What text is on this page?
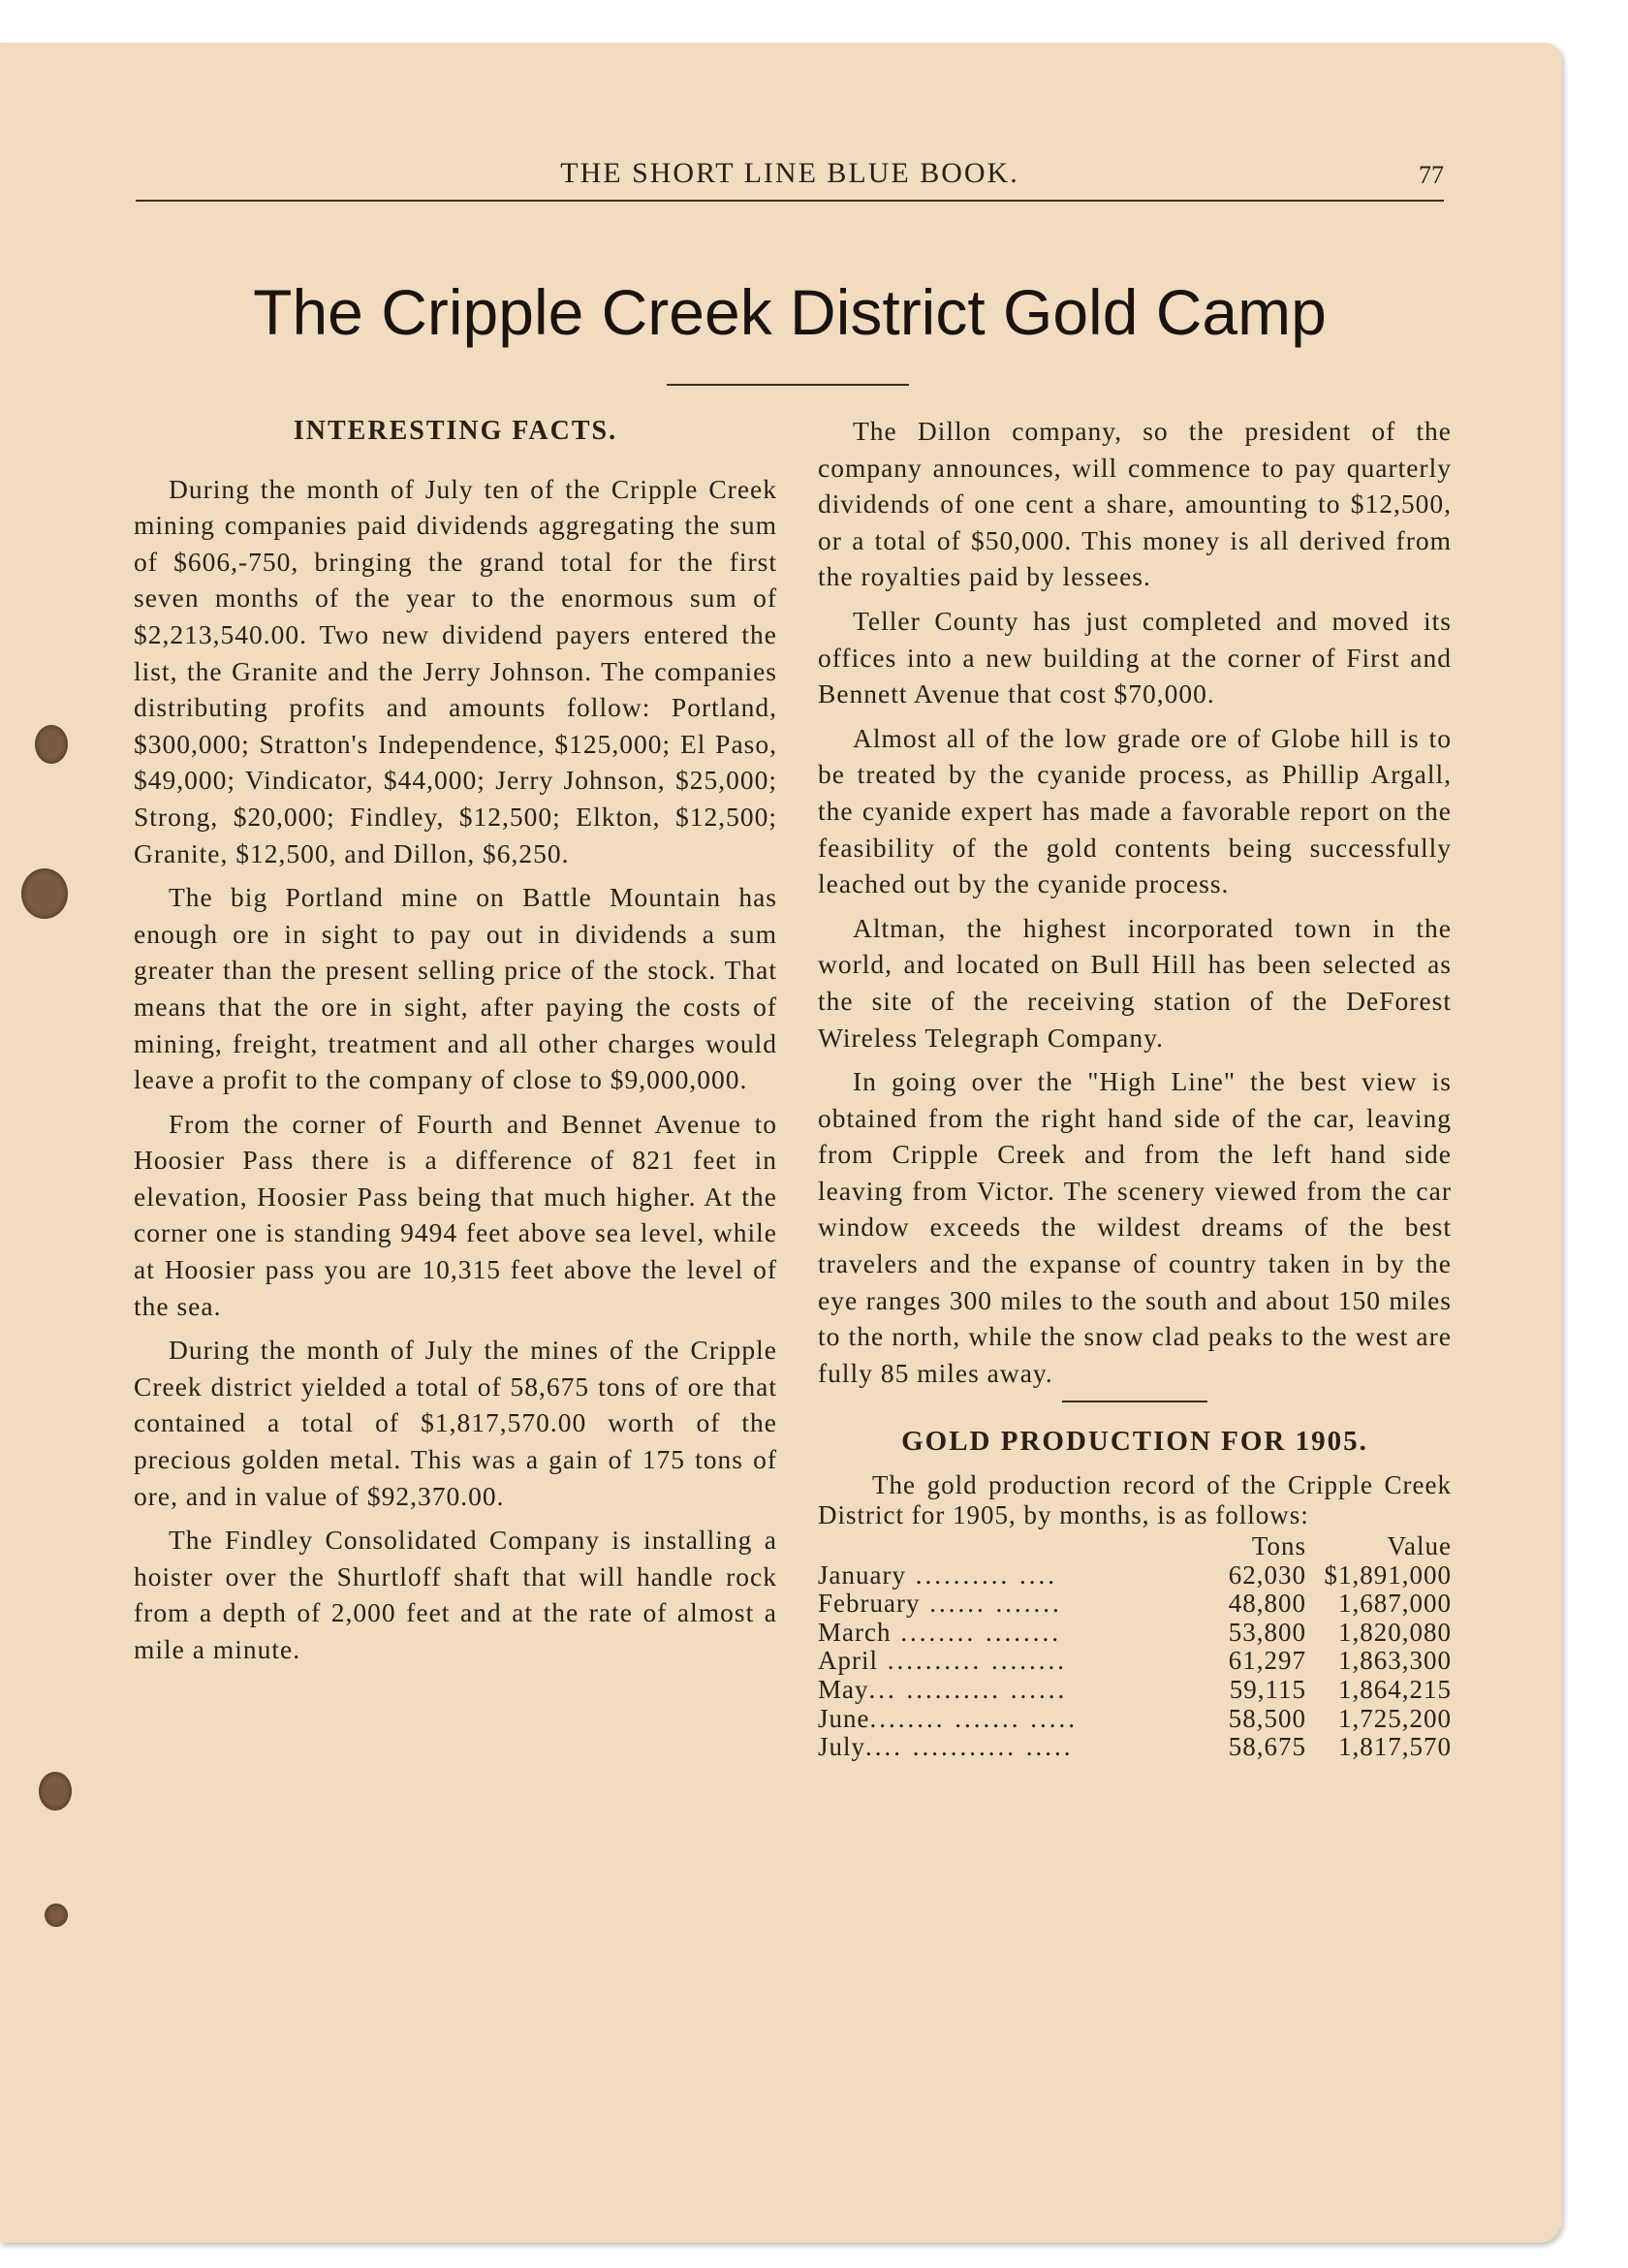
THE SHORT LINE BLUE BOOK.	77
The Cripple Creek District Gold Camp
INTERESTING FACTS.

During the month of July ten of the Cripple Creek mining companies paid dividends aggregating the sum of $606,-750, bringing the grand total for the first seven months of the year to the enormous sum of $2,213,540.00. Two new dividend payers entered the list, the Granite and the Jerry Johnson. The companies distributing profits and amounts follow: Portland, $300,000; Stratton's Independence, $125,000; El Paso, $49,000; Vindicator, $44,000; Jerry Johnson, $25,000; Strong, $20,000; Findley, $12,500; Elkton, $12,500; Granite, $12,500, and Dillon, $6,250.

The big Portland mine on Battle Mountain has enough ore in sight to pay out in dividends a sum greater than the present selling price of the stock. That means that the ore in sight, after paying the costs of mining, freight, treatment and all other charges would leave a profit to the company of close to $9,000,000.

From the corner of Fourth and Bennet Avenue to Hoosier Pass there is a difference of 821 feet in elevation, Hoosier Pass being that much higher. At the corner one is standing 9494 feet above sea level, while at Hoosier pass you are 10,315 feet above the level of the sea.

During the month of July the mines of the Cripple Creek district yielded a total of 58,675 tons of ore that contained a total of $1,817,570.00 worth of the precious golden metal. This was a gain of 175 tons of ore, and in value of $92,370.00.

The Findley Consolidated Company is installing a hoister over the Shurtloff shaft that will handle rock from a depth of 2,000 feet and at the rate of almost a mile a minute.

The Dillon company, so the president of the company announces, will commence to pay quarterly dividends of one cent a share, amounting to $12,500, or a total of $50,000. This money is all derived from the royalties paid by lessees.

Teller County has just completed and moved its offices into a new building at the corner of First and Bennett Avenue that cost $70,000.

Almost all of the low grade ore of Globe hill is to be treated by the cyanide process, as Phillip Argall, the cyanide expert has made a favorable report on the feasibility of the gold contents being successfully leached out by the cyanide process.

Altman, the highest incorporated town in the world, and located on Bull Hill has been selected as the site of the receiving station of the DeForest Wireless Telegraph Company.

In going over the "High Line" the best view is obtained from the right hand side of the car, leaving from Cripple Creek and from the left hand side leaving from Victor. The scenery viewed from the car window exceeds the wildest dreams of the best travelers and the expanse of country taken in by the eye ranges 300 miles to the south and about 150 miles to the north, while the snow clad peaks to the west are fully 85 miles away.

GOLD PRODUCTION FOR 1905.
The gold production record of the Cripple Creek District for 1905, by months, is as follows:
	Tons	Value
January .......... ....	62,030	$1,891,000
February ...... .......	48,800	1,687,000
March ........ ........	53,800	1,820,080
April .......... ........	61,297	1,863,300
May... .......... ......	59,115	1,864,215
June........ ....... .....	58,500	1,725,200
July.... ........... .....	58,675	1,817,570
